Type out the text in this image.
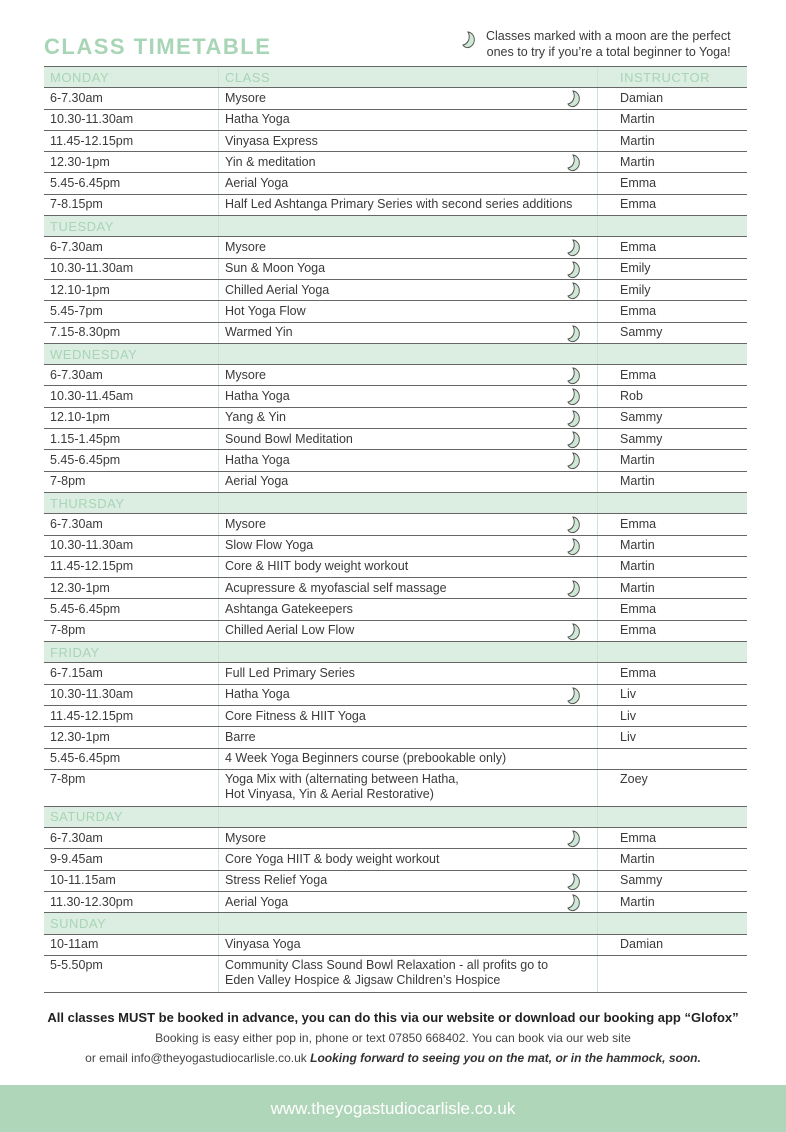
CLASS TIMETABLE	Classes marked with a moon are the perfect
ones to try if you’re a total beginner to Yoga!
MONDAY	CLASS	INSTRUCTOR
6-7.30am	Mysore	Damian
10.30-11.30am	Hatha Yoga	Martin
11.45-12.15pm	Vinyasa Express	Martin
12.30-1pm	Yin & meditation	Martin
5.45-6.45pm	Aerial Yoga	Emma
7-8.15pm	Half Led Ashtanga Primary Series with second series additions	Emma
TUESDAY		
6-7.30am	Mysore	Emma
10.30-11.30am	Sun & Moon Yoga	Emily
12.10-1pm	Chilled Aerial Yoga	Emily
5.45-7pm	Hot Yoga Flow	Emma
7.15-8.30pm	Warmed Yin	Sammy
WEDNESDAY		
6-7.30am	Mysore	Emma
10.30-11.45am	Hatha Yoga	Rob
12.10-1pm	Yang & Yin	Sammy
1.15-1.45pm	Sound Bowl Meditation	Sammy
5.45-6.45pm	Hatha Yoga	Martin
7-8pm	Aerial Yoga	Martin
THURSDAY		
6-7.30am	Mysore	Emma
10.30-11.30am	Slow Flow Yoga	Martin
11.45-12.15pm	Core & HIIT body weight workout	Martin
12.30-1pm	Acupressure & myofascial self massage	Martin
5.45-6.45pm	Ashtanga Gatekeepers	Emma
7-8pm	Chilled Aerial Low Flow	Emma
FRIDAY		
6-7.15am	Full Led Primary Series	Emma
10.30-11.30am	Hatha Yoga	Liv
11.45-12.15pm	Core Fitness & HIIT Yoga	Liv
12.30-1pm	Barre	Liv
5.45-6.45pm	4 Week Yoga Beginners course (prebookable only)	
7-8pm	Yoga Mix with (alternating between Hatha,
Hot Vinyasa, Yin & Aerial Restorative)	Zoey
SATURDAY		
6-7.30am	Mysore	Emma
9-9.45am	Core Yoga HIIT & body weight workout	Martin
10-11.15am	Stress Relief Yoga	Sammy
11.30-12.30pm	Aerial Yoga	Martin
SUNDAY		
10-11am	Vinyasa Yoga	Damian
5-5.50pm	Community Class Sound Bowl Relaxation - all profits go to
Eden Valley Hospice & Jigsaw Children’s Hospice	
All classes MUST be booked in advance, you can do this via our website or download our booking app “Glofox”
Booking is easy either pop in, phone or text 07850 668402. You can book via our web site
or email info@theyogastudiocarlisle.co.uk Looking forward to seeing you on the mat, or in the hammock, soon.
www.theyogastudiocarlisle.co.uk
